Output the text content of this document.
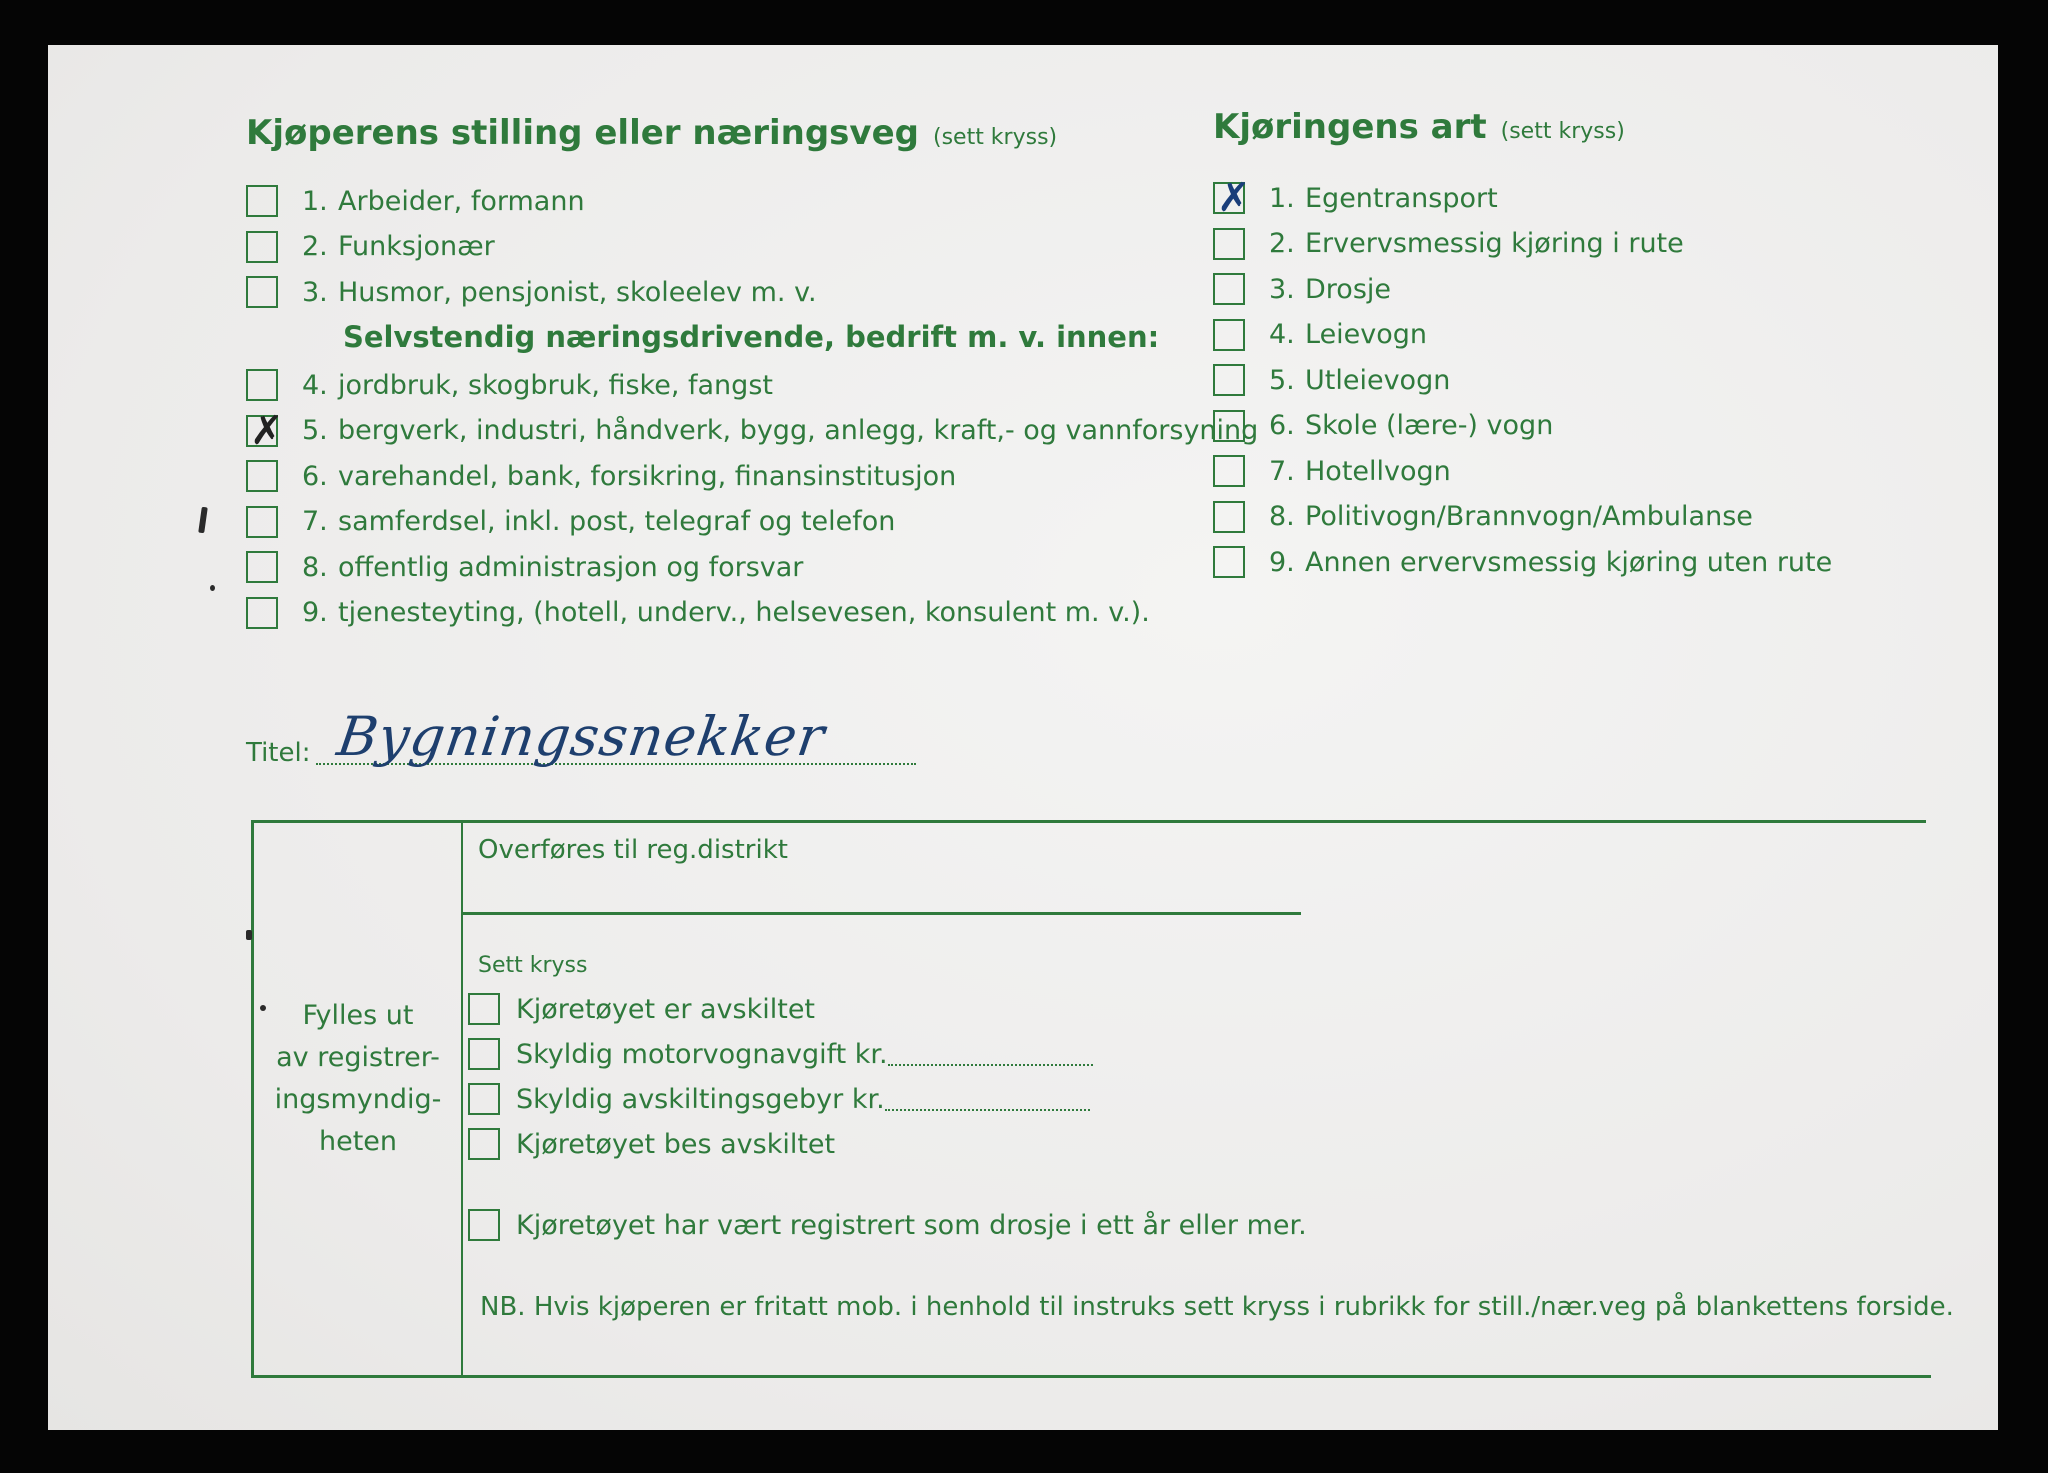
Kjøperens stilling eller næringsveg (sett kryss)
1. Arbeider, formann
2. Funksjonær
3. Husmor, pensjonist, skoleelev m. v.
Selvstendig næringsdrivende, bedrift m. v. innen:
4. jordbruk, skogbruk, fiske, fangst
✗ 5. bergverk, industri, håndverk, bygg, anlegg, kraft,- og vannforsyning
6. varehandel, bank, forsikring, finansinstitusjon
7. samferdsel, inkl. post, telegraf og telefon
8. offentlig administrasjon og forsvar
9. tjenesteyting, (hotell, underv., helsevesen, konsulent m. v.).
Kjøringens art (sett kryss)
✗ 1. Egentransport
2. Ervervsmessig kjøring i rute
3. Drosje
4. Leievogn
5. Utleievogn
6. Skole (lære-) vogn
7. Hotellvogn
8. Politivogn/Brannvogn/Ambulanse
9. Annen ervervsmessig kjøring uten rute
Titel: Bygningssnekker
Fylles ut
av registrer-
ingsmyndig-
heten
Overføres til reg.distrikt
Sett kryss
Kjøretøyet er avskiltet
Skyldig motorvognavgift kr.
Skyldig avskiltingsgebyr kr.
Kjøretøyet bes avskiltet
Kjøretøyet har vært registrert som drosje i ett år eller mer.
NB. Hvis kjøperen er fritatt mob. i henhold til instruks sett kryss i rubrikk for still./nær.veg på blankettens forside.
